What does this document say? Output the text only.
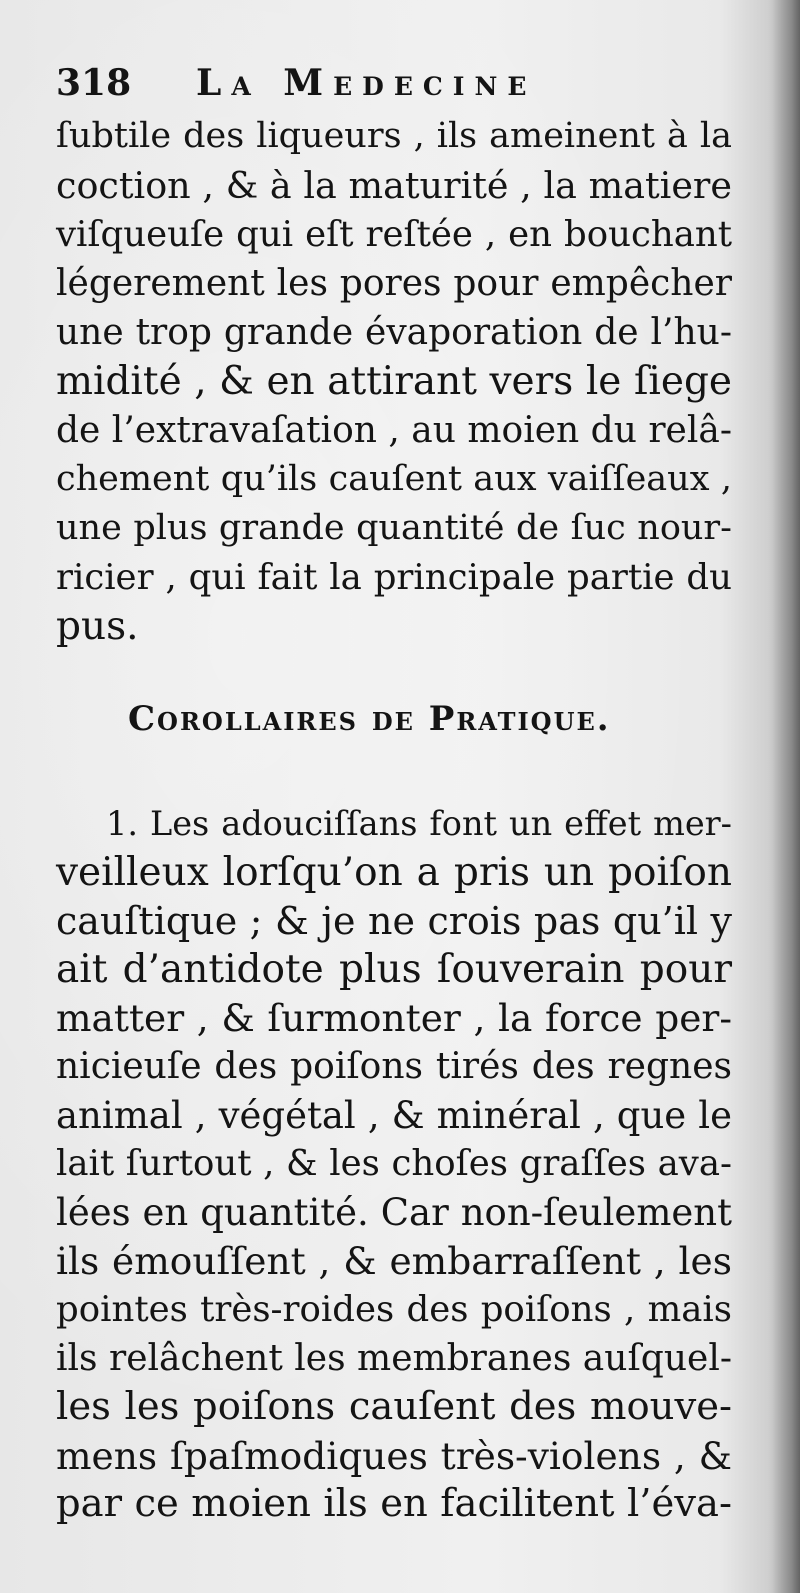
318 La Medecine
ſubtile des liqueurs , ils ameinent à la
coction , & à la maturité , la matiere
viſqueuſe qui eſt reſtée , en bouchant
légerement les pores pour empêcher
une trop grande évaporation de l’hu-
midité , & en attirant vers le ſiege
de l’extravaſation , au moien du relâ-
chement qu’ils cauſent aux vaiſſeaux ,
une plus grande quantité de ſuc nour-
ricier , qui fait la principale partie du
pus.
Corollaires de Pratique.
1. Les adouciſſans font un effet mer-
veilleux lorſqu’on a pris un poiſon
cauſtique ; & je ne crois pas qu’il y
ait d’antidote plus ſouverain pour
matter , & ſurmonter , la force per-
nicieuſe des poiſons tirés des regnes
animal , végétal , & minéral , que le
lait ſurtout , & les choſes graſſes ava-
lées en quantité. Car non-ſeulement
ils émouſſent , & embarraſſent , les
pointes très-roides des poiſons , mais
ils relâchent les membranes auſquel-
les les poiſons cauſent des mouve-
mens ſpaſmodiques très-violens , &
par ce moien ils en facilitent l’éva-
